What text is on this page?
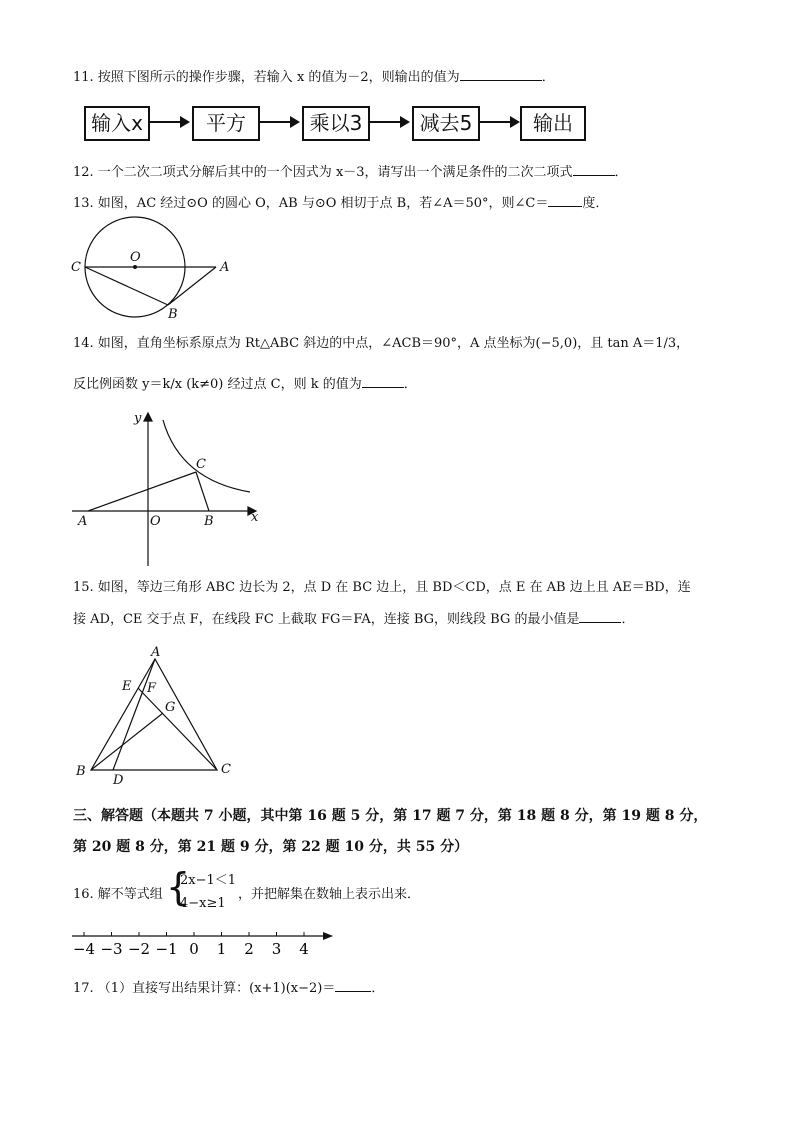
11. 按照下图所示的操作步骤，若输入 x 的值为－2，则输出的值为	．
输入x	平方	乘以3	减去5	输出
12. 一个二次二项式分解后其中的一个因式为 x－3，请写出一个满足条件的二次二项式	．
13. 如图，AC 经过⊙O 的圆心 O，AB 与⊙O 相切于点 B，若∠A＝50°，则∠C＝	度．
14. 如图，直角坐标系原点为 Rt△ABC 斜边的中点，∠ACB＝90°，A 点坐标为(−5,0)，且 tan A＝1/3，
反比例函数 y＝k/x (k≠0) 经过点 C，则 k 的值为	．
15. 如图，等边三角形 ABC 边长为 2，点 D 在 BC 边上，且 BD＜CD，点 E 在 AB 边上且 AE＝BD，连
接 AD，CE 交于点 F，在线段 FC 上截取 FG＝FA，连接 BG，则线段 BG 的最小值是	．
三、解答题（本题共 7 小题，其中第 16 题 5 分，第 17 题 7 分，第 18 题 8 分，第 19 题 8 分，
第 20 题 8 分，第 21 题 9 分，第 22 题 10 分，共 55 分）
16. 解不等式组 {
2x−1＜1
4−x≥1
，并把解集在数轴上表示出来．
17. （1）直接写出结果计算：(x+1)(x−2)＝	．
C
O
A
B
y
C
A	O	B	x
A
E F
G
B
D
C
−4 −3 −2 −1 0 1 2 3 4
